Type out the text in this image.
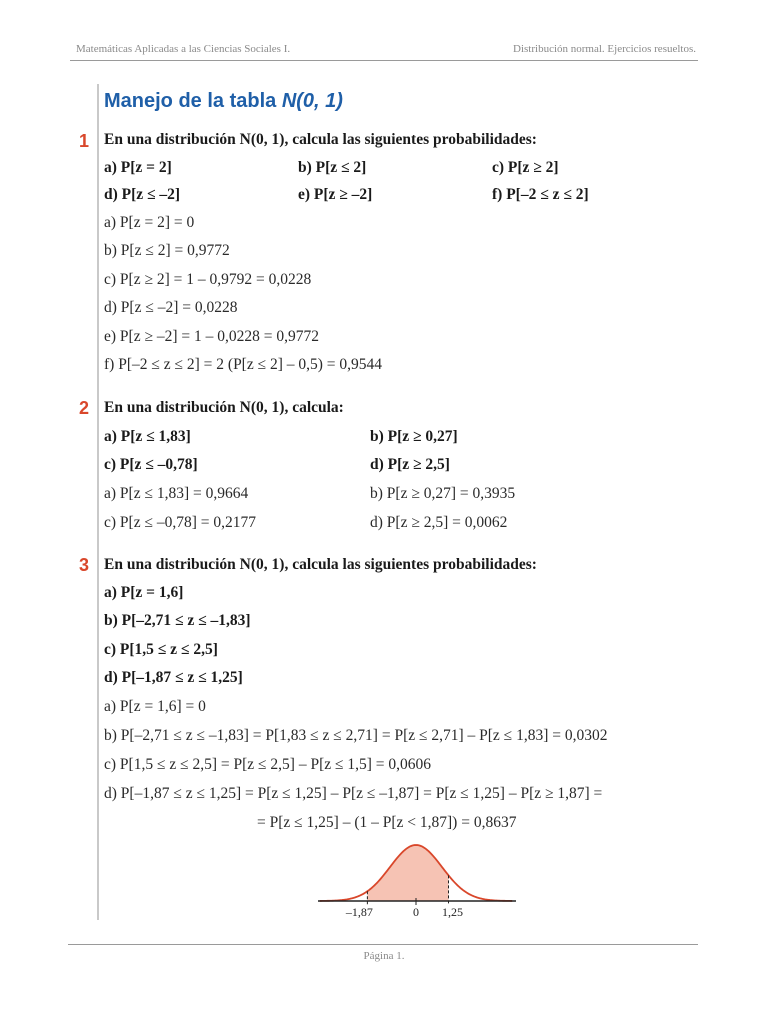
Matemáticas Aplicadas a las Ciencias Sociales I.	Distribución normal. Ejercicios resueltos.
Manejo de la tabla N(0, 1)
1 En una distribución N(0, 1), calcula las siguientes probabilidades:
a) P[z = 2]	b) P[z ≤ 2]	c) P[z ≥ 2]
d) P[z ≤ –2]	e) P[z ≥ –2]	f) P[–2 ≤ z ≤ 2]
a) P[z = 2] = 0
b) P[z ≤ 2] = 0,9772
c) P[z ≥ 2] = 1 – 0,9792 = 0,0228
d) P[z ≤ –2] = 0,0228
e) P[z ≥ –2] = 1 – 0,0228 = 0,9772
f) P[–2 ≤ z ≤ 2] = 2 (P[z ≤ 2] – 0,5) = 0,9544
2 En una distribución N(0, 1), calcula:
a) P[z ≤ 1,83]	b) P[z ≥ 0,27]
c) P[z ≤ –0,78]	d) P[z ≥ 2,5]
a) P[z ≤ 1,83] = 0,9664	b) P[z ≥ 0,27] = 0,3935
c) P[z ≤ –0,78] = 0,2177	d) P[z ≥ 2,5] = 0,0062
3 En una distribución N(0, 1), calcula las siguientes probabilidades:
a) P[z = 1,6]
b) P[–2,71 ≤ z ≤ –1,83]
c) P[1,5 ≤ z ≤ 2,5]
d) P[–1,87 ≤ z ≤ 1,25]
a) P[z = 1,6] = 0
b) P[–2,71 ≤ z ≤ –1,83] = P[1,83 ≤ z ≤ 2,71] = P[z ≤ 2,71] – P[z ≤ 1,83] = 0,0302
c) P[1,5 ≤ z ≤ 2,5] = P[z ≤ 2,5] – P[z ≤ 1,5] = 0,0606
d) P[–1,87 ≤ z ≤ 1,25] = P[z ≤ 1,25] – P[z ≤ –1,87] = P[z ≤ 1,25] – P[z ≥ 1,87] =
= P[z ≤ 1,25] – (1 – P[z < 1,87]) = 0,8637
–1,87	0 1,25
Página 1.
